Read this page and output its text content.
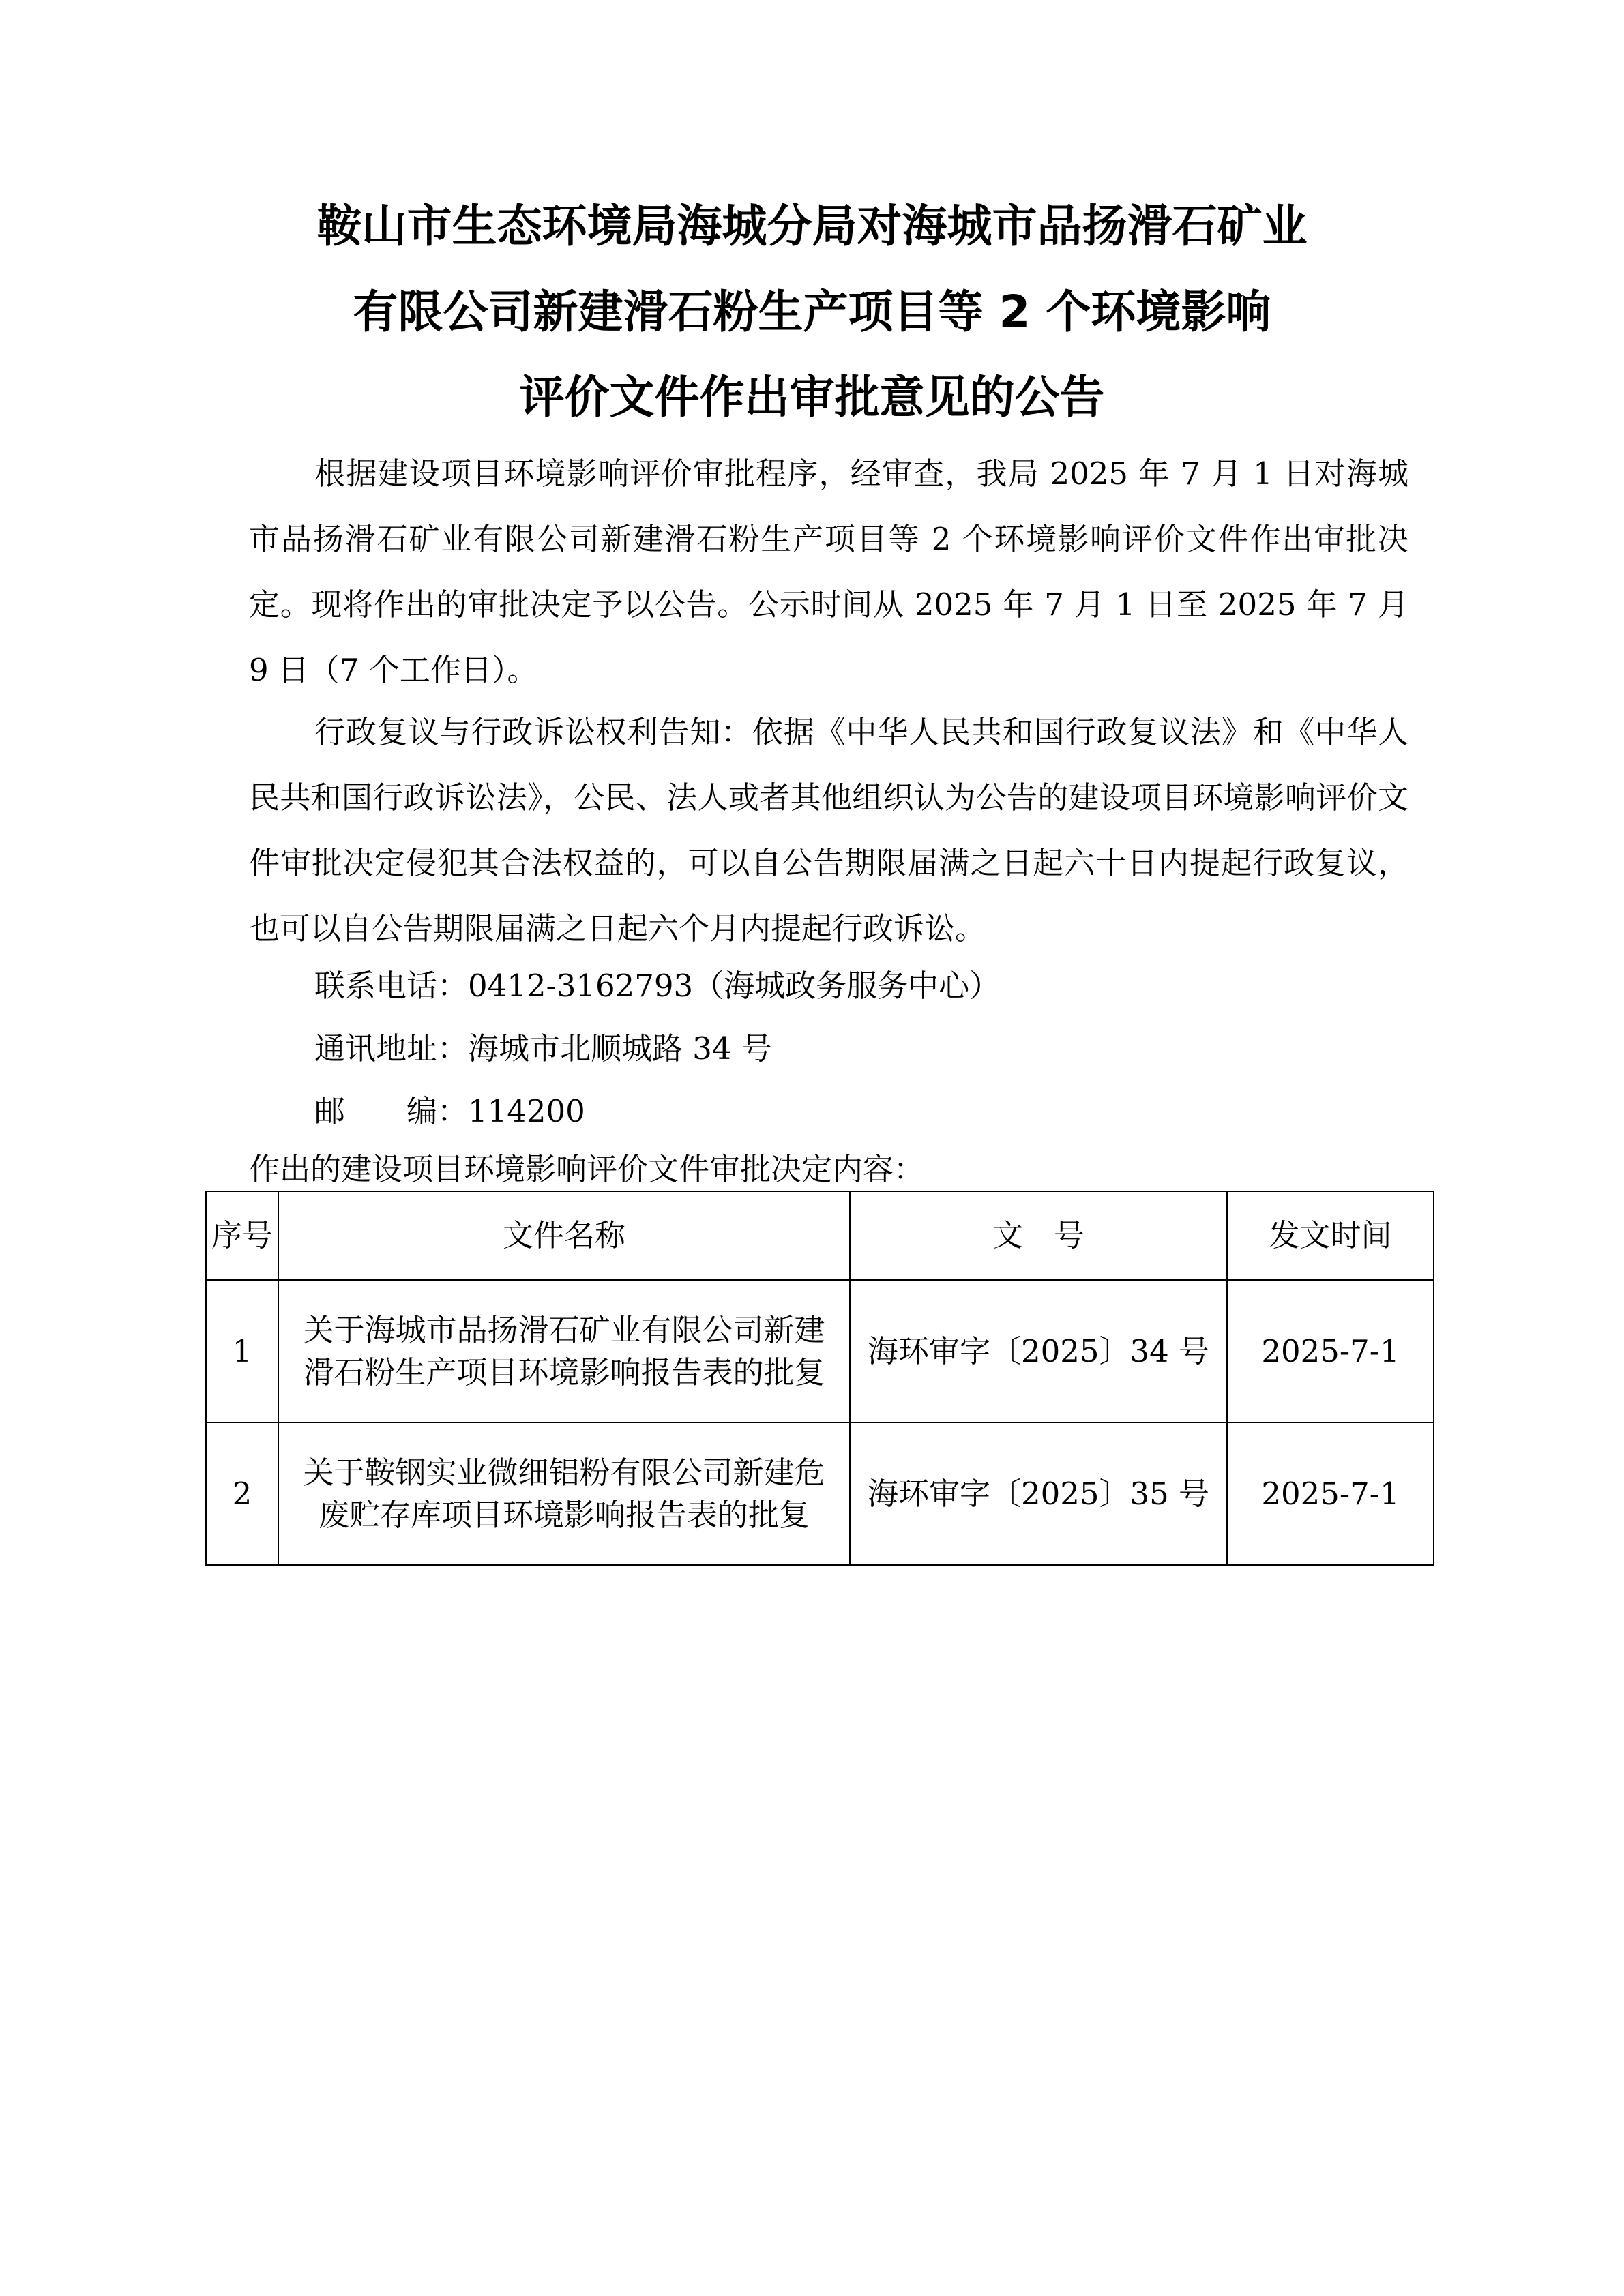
鞍山市生态环境局海城分局对海城市品扬滑石矿业
有限公司新建滑石粉生产项目等 2 个环境影响
评价文件作出审批意见的公告

根据建设项目环境影响评价审批程序，经审查，我局 2025 年 7 月 1 日对海城市品扬滑石矿业有限公司新建滑石粉生产项目等 2 个环境影响评价文件作出审批决定。现将作出的审批决定予以公告。公示时间从 2025 年 7 月 1 日至 2025 年 7 月 9 日（7 个工作日）。

行政复议与行政诉讼权利告知：依据《中华人民共和国行政复议法》和《中华人民共和国行政诉讼法》，公民、法人或者其他组织认为公告的建设项目环境影响评价文件审批决定侵犯其合法权益的，可以自公告期限届满之日起六十日内提起行政复议，也可以自公告期限届满之日起六个月内提起行政诉讼。

联系电话：0412-3162793（海城政务服务中心）
通讯地址：海城市北顺城路 34 号
邮　　编： 114200
作出的建设项目环境影响评价文件审批决定内容：
序号	文件名称	文　号	发文时间
1	关于海城市品扬滑石矿业有限公司新建滑石粉生产项目环境影响报告表的批复	海环审字〔2025〕34 号	2025-7-1
2	关于鞍钢实业微细铝粉有限公司新建危废贮存库项目环境影响报告表的批复	海环审字〔2025〕35 号	2025-7-1
